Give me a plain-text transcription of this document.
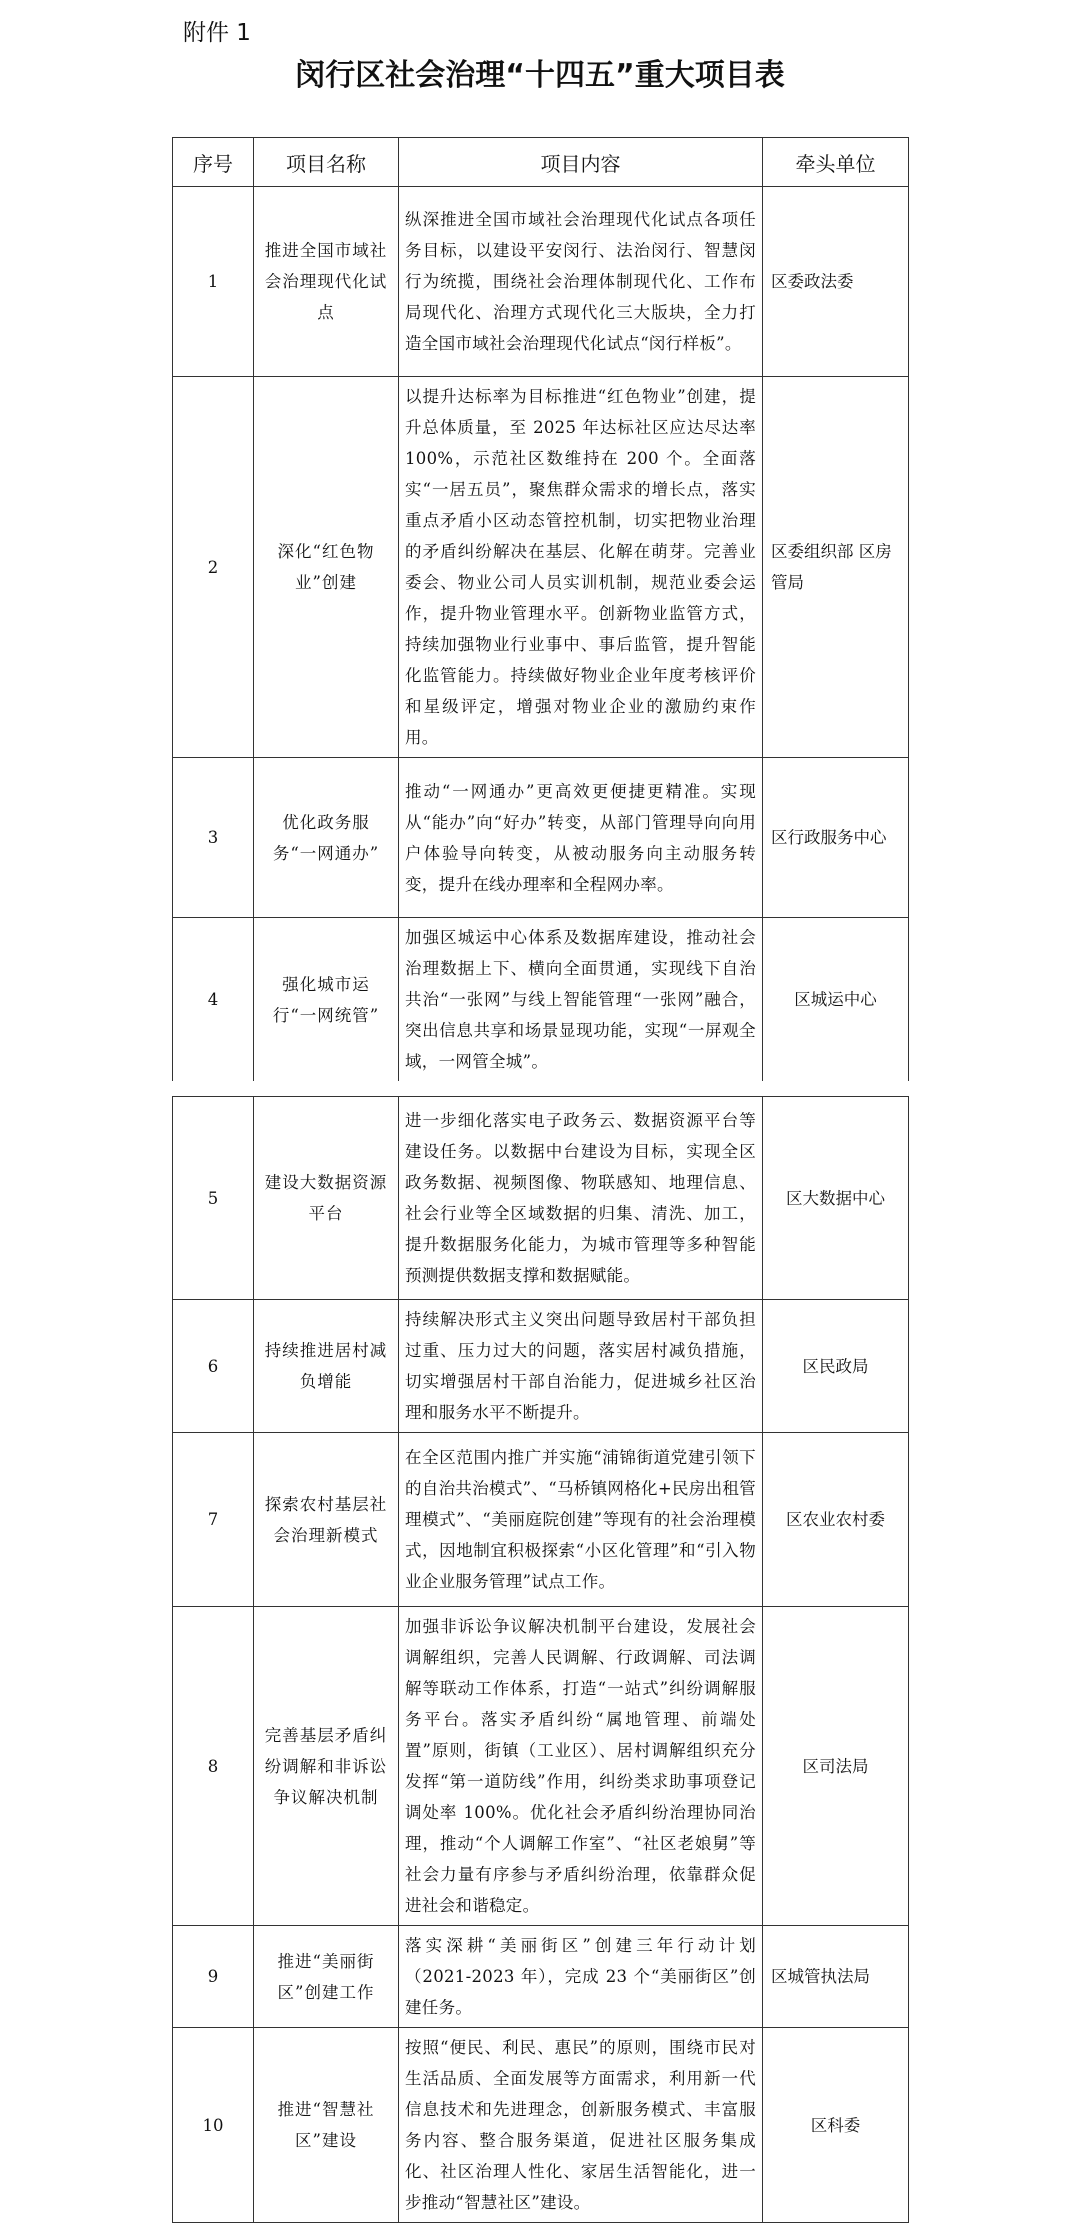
附件 1
闵行区社会治理“十四五”重大项目表
序号	项目名称	项目内容	牵头单位
1	推进全国市域社会治理现代化试点	纵深推进全国市域社会治理现代化试点各项任务目标，以建设平安闵行、法治闵行、智慧闵行为统揽，围绕社会治理体制现代化、工作布局现代化、治理方式现代化三大版块，全力打造全国市域社会治理现代化试点“闵行样板”。	区委政法委
2	深化“红色物业”创建	以提升达标率为目标推进“红色物业”创建，提升总体质量，至 2025 年达标社区应达尽达率 100%，示范社区数维持在 200 个。全面落实“一居五员”，聚焦群众需求的增长点，落实重点矛盾小区动态管控机制，切实把物业治理的矛盾纠纷解决在基层、化解在萌芽。完善业委会、物业公司人员实训机制，规范业委会运作，提升物业管理水平。创新物业监管方式，持续加强物业行业事中、事后监管，提升智能化监管能力。持续做好物业企业年度考核评价和星级评定，增强对物业企业的激励约束作用。	区委组织部 区房管局
3	优化政务服务“一网通办”	推动“一网通办”更高效更便捷更精准。实现从“能办”向“好办”转变，从部门管理导向向用户体验导向转变，从被动服务向主动服务转变，提升在线办理率和全程网办率。	区行政服务中心
4	强化城市运行“一网统管”	加强区城运中心体系及数据库建设，推动社会治理数据上下、横向全面贯通，实现线下自治共治“一张网”与线上智能管理“一张网”融合，突出信息共享和场景显现功能，实现“一屏观全域，一网管全城”。	区城运中心
5	建设大数据资源平台	进一步细化落实电子政务云、数据资源平台等建设任务。以数据中台建设为目标，实现全区政务数据、视频图像、物联感知、地理信息、社会行业等全区域数据的归集、清洗、加工，提升数据服务化能力，为城市管理等多种智能预测提供数据支撑和数据赋能。	区大数据中心
6	持续推进居村减负增能	持续解决形式主义突出问题导致居村干部负担过重、压力过大的问题，落实居村减负措施，切实增强居村干部自治能力，促进城乡社区治理和服务水平不断提升。	区民政局
7	探索农村基层社会治理新模式	在全区范围内推广并实施“浦锦街道党建引领下的自治共治模式”、“马桥镇网格化+民房出租管理模式”、“美丽庭院创建”等现有的社会治理模式，因地制宜积极探索“小区化管理”和“引入物业企业服务管理”试点工作。	区农业农村委
8	完善基层矛盾纠纷调解和非诉讼争议解决机制	加强非诉讼争议解决机制平台建设，发展社会调解组织，完善人民调解、行政调解、司法调解等联动工作体系，打造“一站式”纠纷调解服务平台。落实矛盾纠纷“属地管理、前端处置”原则，街镇（工业区）、居村调解组织充分发挥“第一道防线”作用，纠纷类求助事项登记调处率 100%。优化社会矛盾纠纷治理协同治理，推动“个人调解工作室”、“社区老娘舅”等社会力量有序参与矛盾纠纷治理，依靠群众促进社会和谐稳定。	区司法局
9	推进“美丽街区”创建工作	落实深耕“美丽街区”创建三年行动计划（2021-2023 年），完成 23 个“美丽街区”创建任务。	区城管执法局
10	推进“智慧社区”建设	按照“便民、利民、惠民”的原则，围绕市民对生活品质、全面发展等方面需求，利用新一代信息技术和先进理念，创新服务模式、丰富服务内容、整合服务渠道，促进社区服务集成化、社区治理人性化、家居生活智能化，进一步推动“智慧社区”建设。	区科委
